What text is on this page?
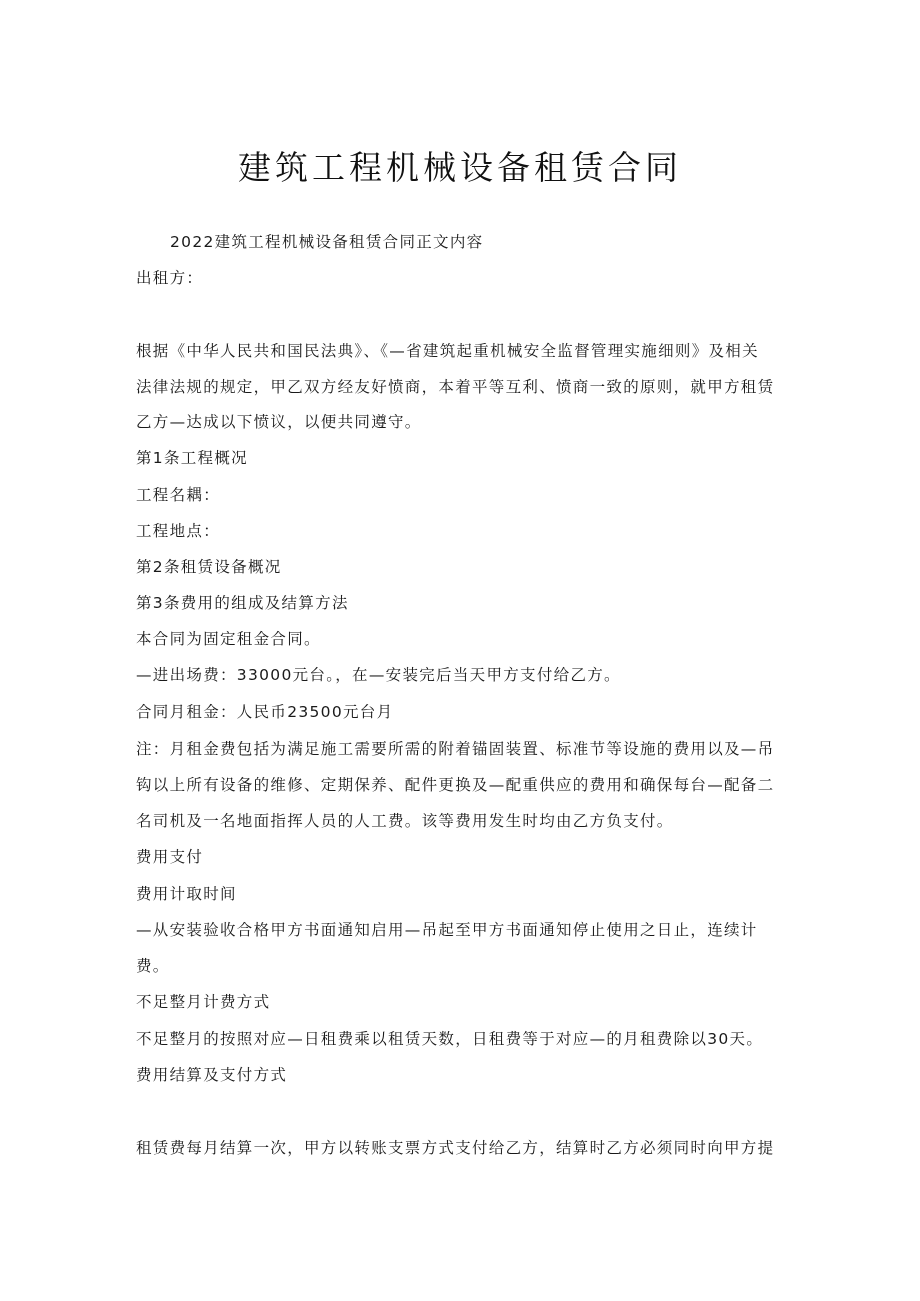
建筑工程机械设备租赁合同
2022建筑工程机械设备租赁合同正文内容
出租方：
根据《中华人民共和国民法典》、《—省建筑起重机械安全监督管理实施细则》及相关
法律法规的规定，甲乙双方经友好愤商，本着平等互利、愤商一致的原则，就甲方租赁
乙方—达成以下愤议，以便共同遵守。
第1条工程概况
工程名耦：
工程地点：
第2条租赁设备概况
第3条费用的组成及结算方法
本合同为固定租金合同。
—进出场费：33000元台。，在—安装完后当天甲方支付给乙方。
合同月租金：人民币23500元台月
注：月租金费包括为满足施工需要所需的附着锚固装置、标准节等设施的费用以及—吊
钩以上所有设备的维修、定期保养、配件更换及—配重供应的费用和确保每台—配备二
名司机及一名地面指挥人员的人工费。该等费用发生时均由乙方负支付。
费用支付
费用计取时间
—从安装验收合格甲方书面通知启用—吊起至甲方书面通知停止使用之日止，连续计
费。
不足整月计费方式
不足整月的按照对应—日租费乘以租赁天数，日租费等于对应—的月租费除以30天。
费用结算及支付方式
租赁费每月结算一次，甲方以转账支票方式支付给乙方，结算时乙方必须同时向甲方提
